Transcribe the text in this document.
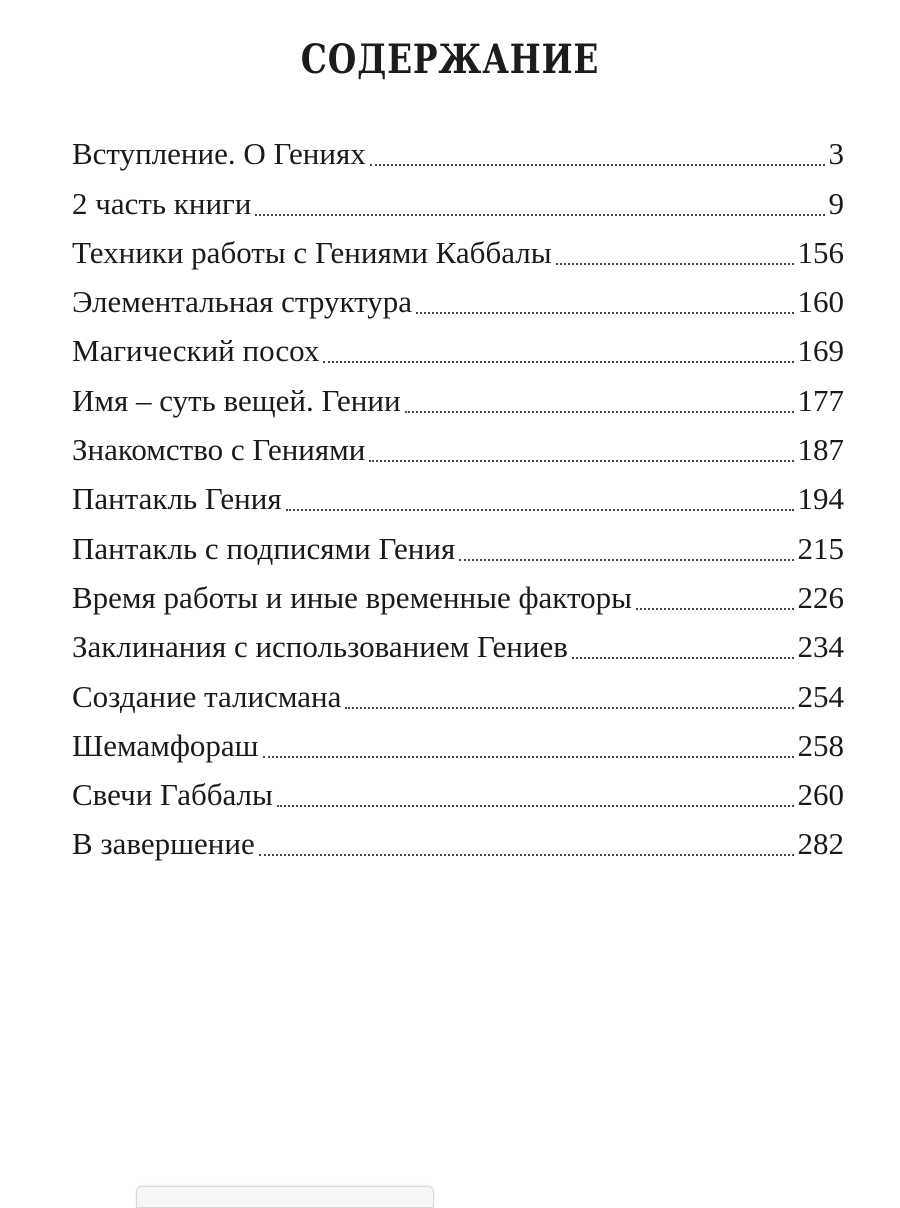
СОДЕРЖАНИЕ
Вступление. О Гениях	3
2 часть книги	9
Техники работы с Гениями Каббалы	156
Элементальная структура	160
Магический посох	169
Имя – суть вещей. Гении	177
Знакомство с Гениями	187
Пантакль Гения	194
Пантакль с подписями Гения	215
Время работы и иные временные факторы	226
Заклинания с использованием Гениев	234
Создание талисмана	254
Шемамфораш	258
Свечи Габбалы	260
В завершение	282
